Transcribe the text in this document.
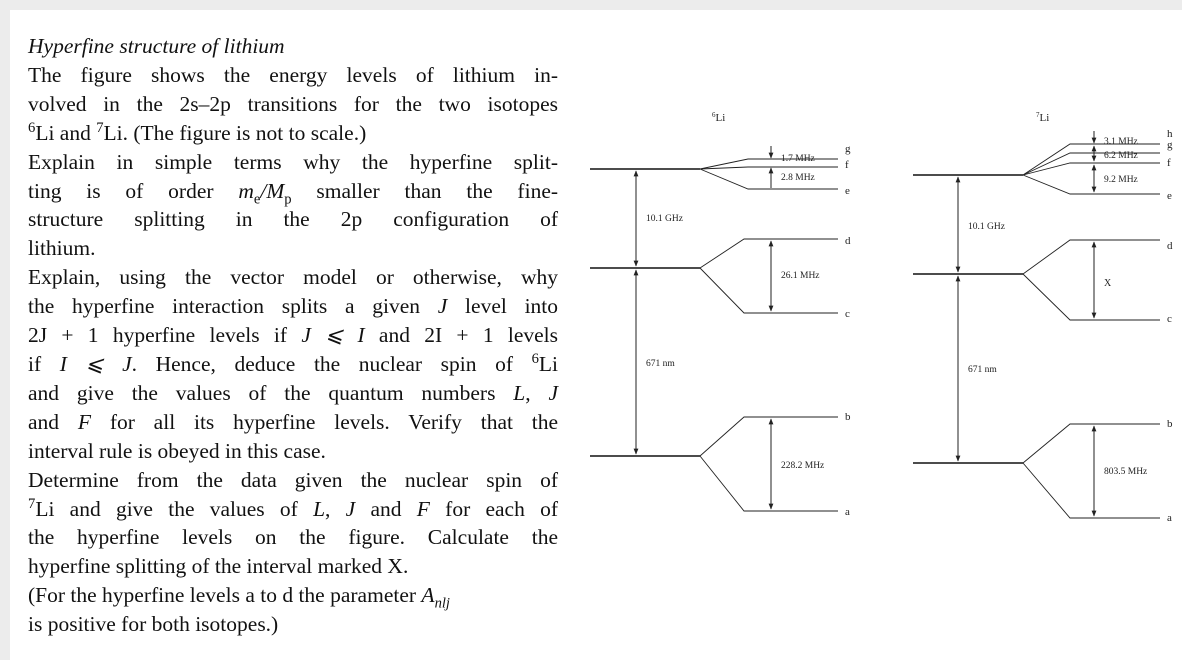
Hyperfine structure of lithium
The figure shows the energy levels of lithium in-
volved in the 2s–2p transitions for the two isotopes
$^6$Li and $^7$Li. (The figure is not to scale.)
Explain in simple terms why the hyperfine split-
ting is of order $m_e/M_p$ smaller than the fine-
structure splitting in the 2p configuration of
lithium.
Explain, using the vector model or otherwise, why
the hyperfine interaction splits a given J level into
2J + 1 hyperfine levels if J ⩽ I and 2I + 1 levels
if I ⩽ J. Hence, deduce the nuclear spin of $^6$Li
and give the values of the quantum numbers L, J
and F for all its hyperfine levels. Verify that the
interval rule is obeyed in this case.
Determine from the data given the nuclear spin of
$^7$Li and give the values of L, J and F for each of
the hyperfine levels on the figure. Calculate the
hyperfine splitting of the interval marked X.
(For the hyperfine levels a to d the parameter $A_{nlj}$
is positive for both isotopes.)
$^6$Li
g
f
e
1.7 MHz
2.8 MHz
d
c
26.1 MHz
b
a
228.2 MHz
10.1 GHz
671 nm
$^7$Li
h
g
f
e
3.1 MHz
6.2 MHz
9.2 MHz
d
c
X
b
a
803.5 MHz
10.1 GHz
671 nm
